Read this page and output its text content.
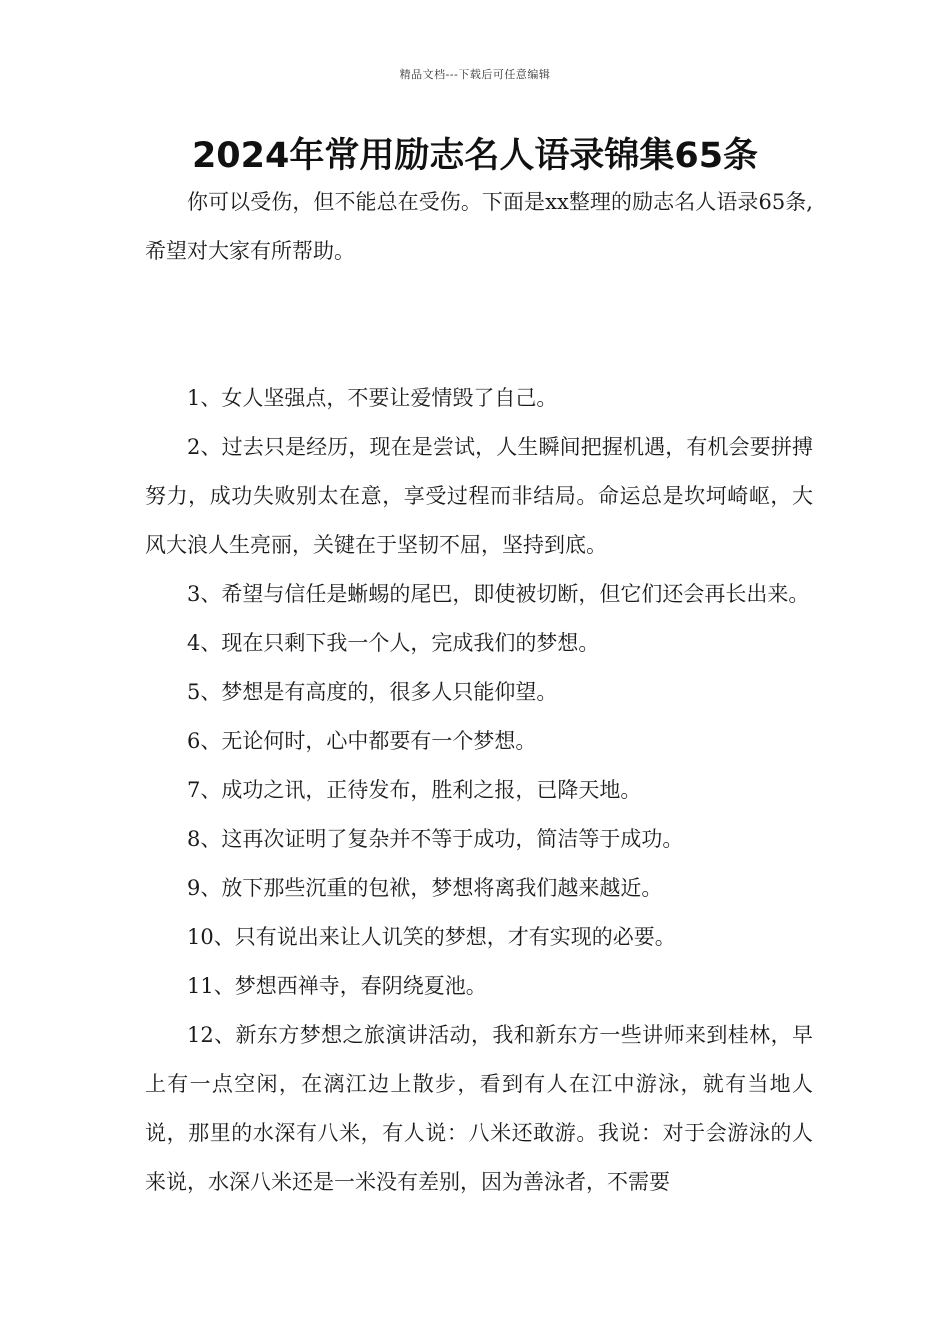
精品文档---下载后可任意编辑
2024年常用励志名人语录锦集65条

你可以受伤，但不能总在受伤。下面是xx整理的励志名人语录65条,希望对大家有所帮助。

1、女人坚强点，不要让爱情毁了自己。

2、过去只是经历，现在是尝试，人生瞬间把握机遇，有机会要拼搏努力，成功失败别太在意，享受过程而非结局。命运总是坎坷崎岖，大风大浪人生亮丽，关键在于坚韧不屈，坚持到底。

3、希望与信任是蜥蜴的尾巴，即使被切断，但它们还会再长出来。

4、现在只剩下我一个人，完成我们的梦想。

5、梦想是有高度的，很多人只能仰望。

6、无论何时，心中都要有一个梦想。

7、成功之讯，正待发布，胜利之报，已降天地。

8、这再次证明了复杂并不等于成功，简洁等于成功。

9、放下那些沉重的包袱，梦想将离我们越来越近。

10、只有说出来让人讥笑的梦想，才有实现的必要。

11、梦想西禅寺，春阴绕夏池。

12、新东方梦想之旅演讲活动，我和新东方一些讲师来到桂林，早上有一点空闲，在漓江边上散步，看到有人在江中游泳，就有当地人说，那里的水深有八米，有人说：八米还敢游。我说：对于会游泳的人来说，水深八米还是一米没有差别，因为善泳者，不需要
